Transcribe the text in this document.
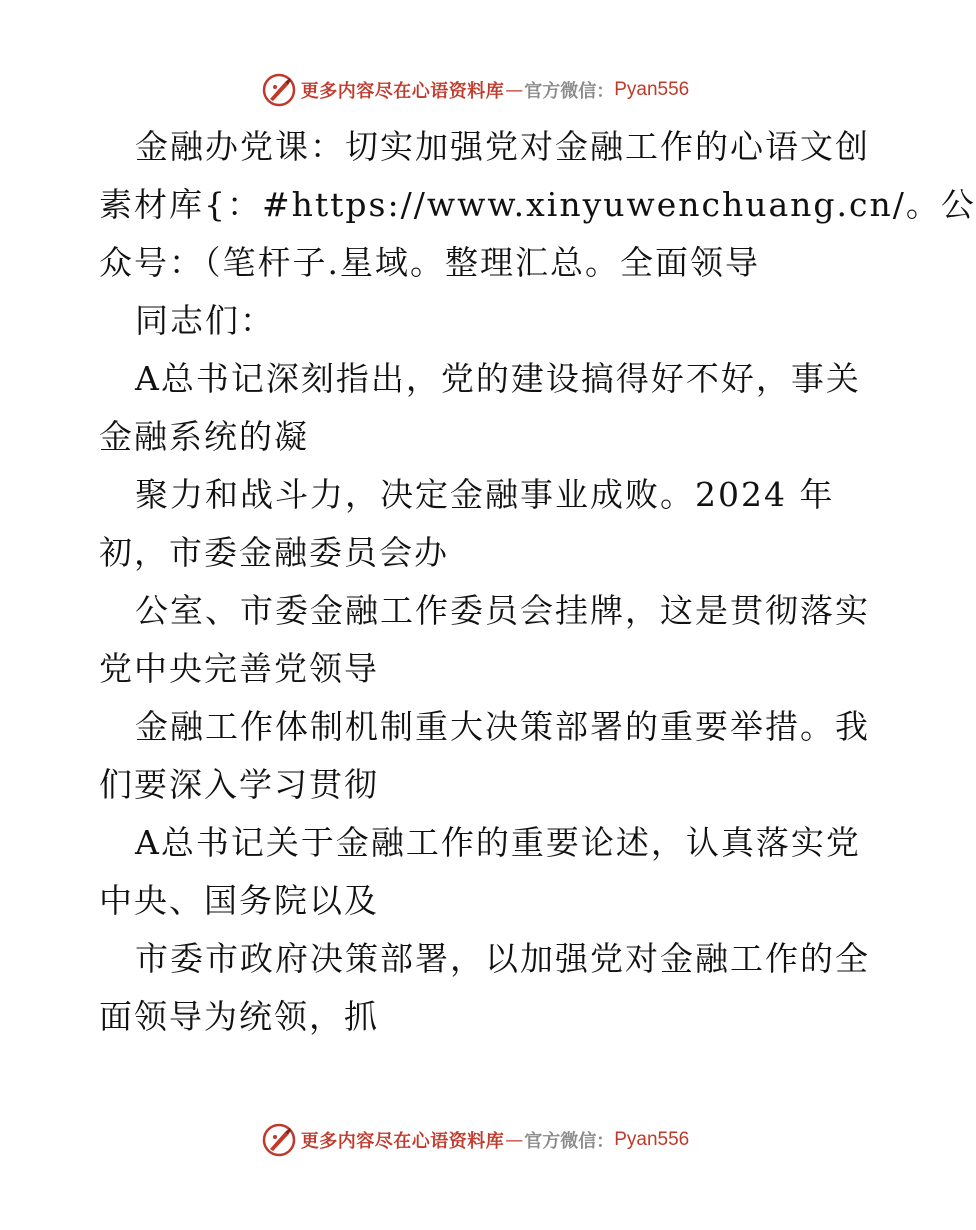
更多内容尽在心语资料库 — 官方微信： Pyan556
金融办党课：切实加强党对金融工作的心语文创
素材库{：#https://www.xinyuwenchuang.cn/。公
众号：（笔杆子.星域。整理汇总。全面领导
同志们：
A总书记深刻指出，党的建设搞得好不好，事关
金融系统的凝
聚力和战斗力，决定金融事业成败。2024 年
初，市委金融委员会办
公室、市委金融工作委员会挂牌，这是贯彻落实
党中央完善党领导
金融工作体制机制重大决策部署的重要举措。我
们要深入学习贯彻
A总书记关于金融工作的重要论述，认真落实党
中央、国务院以及
市委市政府决策部署，以加强党对金融工作的全
面领导为统领，抓
更多内容尽在心语资料库 — 官方微信： Pyan556
